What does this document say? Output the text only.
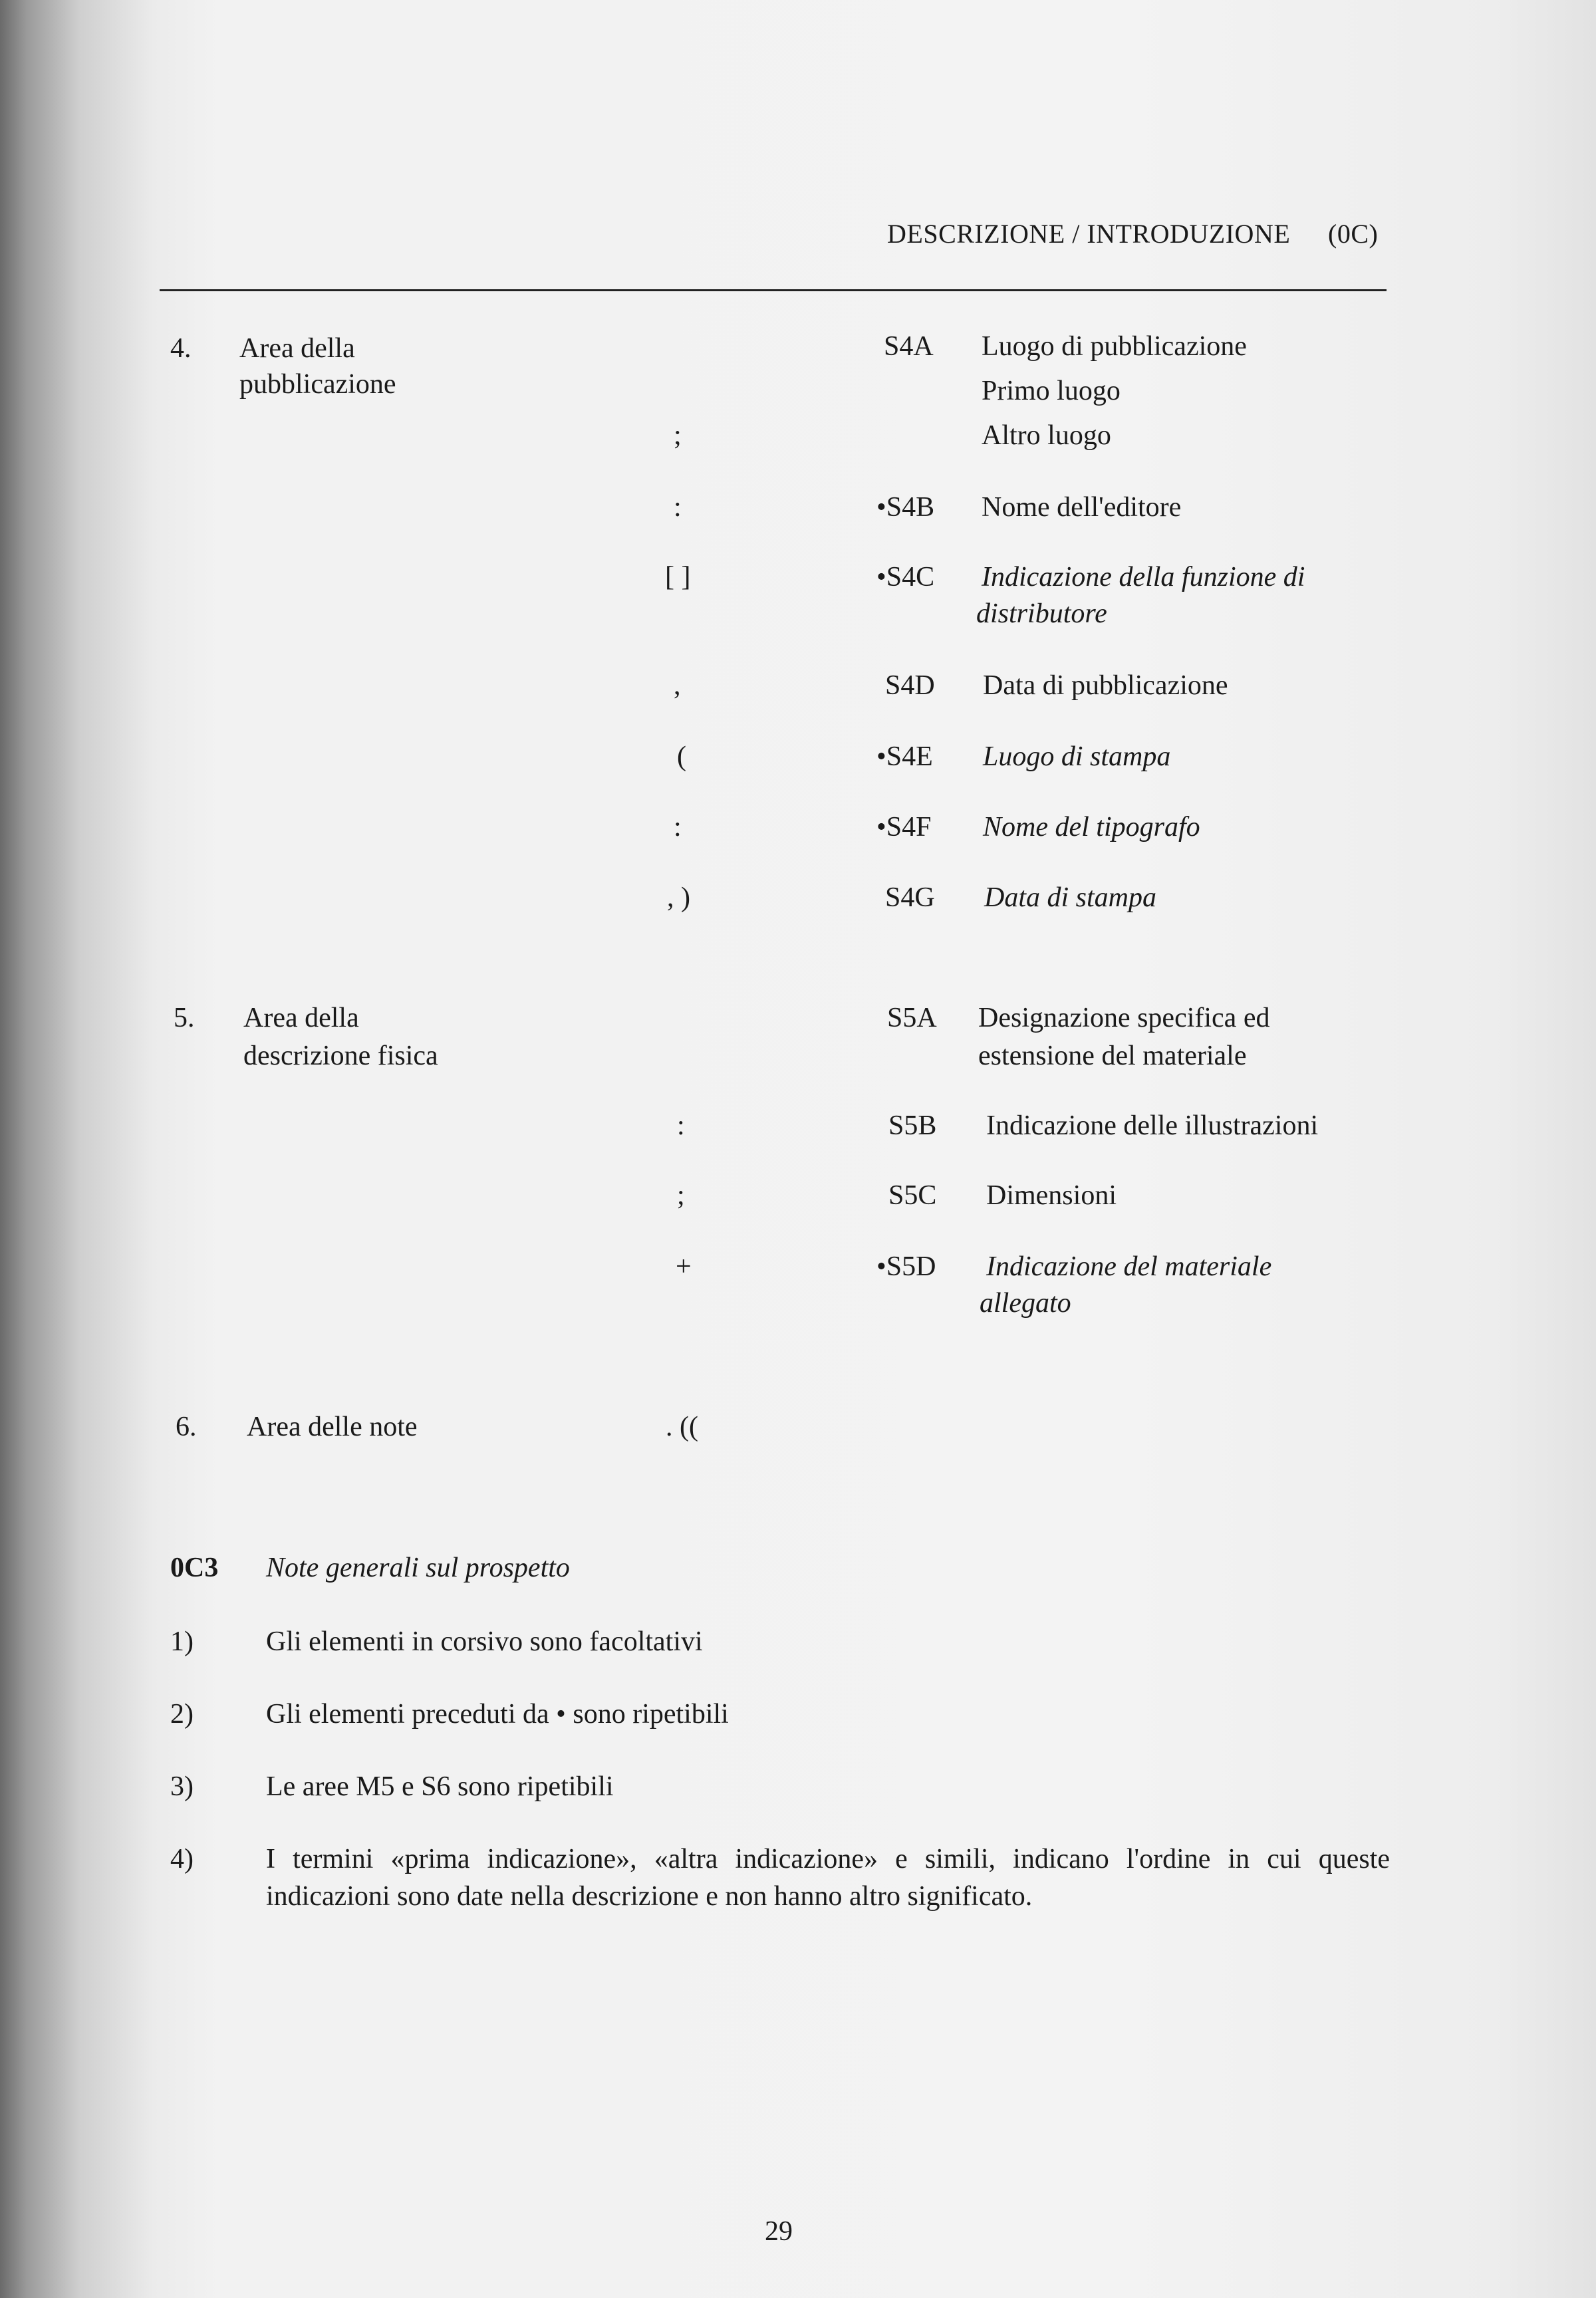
DESCRIZIONE / INTRODUZIONE (0C)
4. Area della
pubblicazione
S4A Luogo di pubblicazione
Primo luogo
;	Altro luogo
:	•S4B Nome dell'editore
[ ]	•S4C Indicazione della funzione di
distributore
,	S4D Data di pubblicazione
(	•S4E Luogo di stampa
:	•S4F Nome del tipografo
, )	S4G Data di stampa
5. Area della
descrizione fisica
S5A Designazione specifica ed
estensione del materiale
:	S5B Indicazione delle illustrazioni
;	S5C Dimensioni
+	•S5D Indicazione del materiale
allegato
6. Area delle note	. ((
0C3 Note generali sul prospetto
1)	Gli elementi in corsivo sono facoltativi
2)	Gli elementi preceduti da • sono ripetibili
3)	Le aree M5 e S6 sono ripetibili
4)	I termini «prima indicazione», «altra indicazione» e simili, indicano l'ordine in cui queste indicazioni sono date nella descrizione e non hanno altro significato.
29
